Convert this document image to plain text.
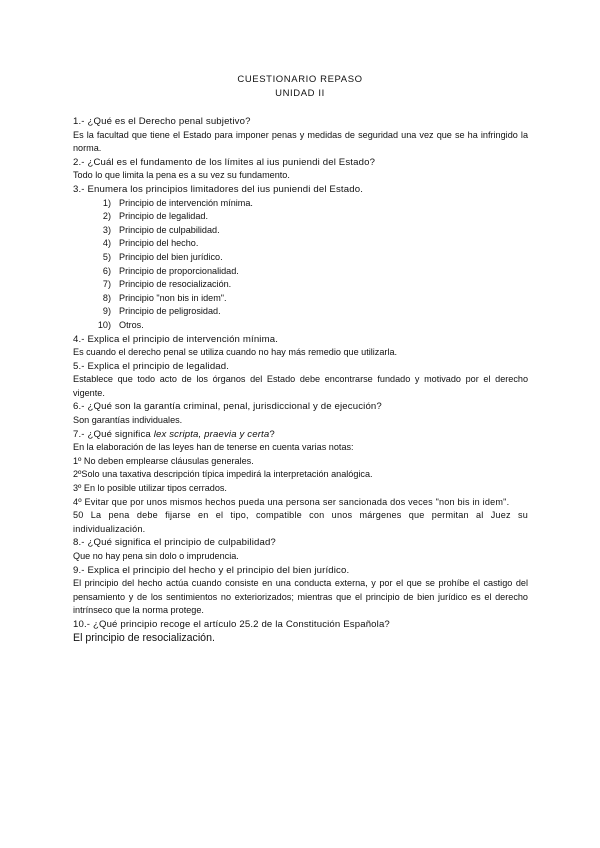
CUESTIONARIO REPASO
UNIDAD II

1.- ¿Qué es el Derecho penal subjetivo?

Es la facultad que tiene el Estado para imponer penas y medidas de seguridad una vez que se ha infringido la norma.

2.- ¿Cuál es el fundamento de los límites al ius puniendi del Estado?

Todo lo que limita la pena es a su vez su fundamento.

3.- Enumera los principios limitadores del ius puniendi del Estado.

1) Principio de intervención mínima.
2) Principio de legalidad.
3) Principio de culpabilidad.
4) Principio del hecho.
5) Principio del bien jurídico.
6) Principio de proporcionalidad.
7) Principio de resocialización.
8) Principio "non bis in idem".
9) Principio de peligrosidad.
10) Otros.

4.- Explica el principio de intervención mínima.

Es cuando el derecho penal se utiliza cuando no hay más remedio que utilizarla.

5.- Explica el principio de legalidad.

Establece que todo acto de los órganos del Estado debe encontrarse fundado y motivado por el derecho vigente.

6.- ¿Qué son la garantía criminal, penal, jurisdiccional y de ejecución?

Son garantías individuales.

7.- ¿Qué significa lex scripta, praevia y certa?

En la elaboración de las leyes han de tenerse en cuenta varias notas:

1º No deben emplearse cláusulas generales.

2ºSolo una taxativa descripción típica impedirá la interpretación analógica.

3º En lo posible utilizar tipos cerrados.

4º Evitar que por unos mismos hechos pueda una persona ser sancionada dos veces "non bis in idem".

50 La pena debe fijarse en el tipo, compatible con unos márgenes que permitan al Juez su individualización.

8.- ¿Qué significa el principio de culpabilidad?

Que no hay pena sin dolo o imprudencia.

9.- Explica el principio del hecho y el principio del bien jurídico.

El principio del hecho actúa cuando consiste en una conducta externa, y por el que se prohíbe el castigo del pensamiento y de los sentimientos no exteriorizados; mientras que el principio de bien jurídico es el derecho intrínseco que la norma protege.

10.- ¿Qué principio recoge el artículo 25.2 de la Constitución Española?

El principio de resocialización.
